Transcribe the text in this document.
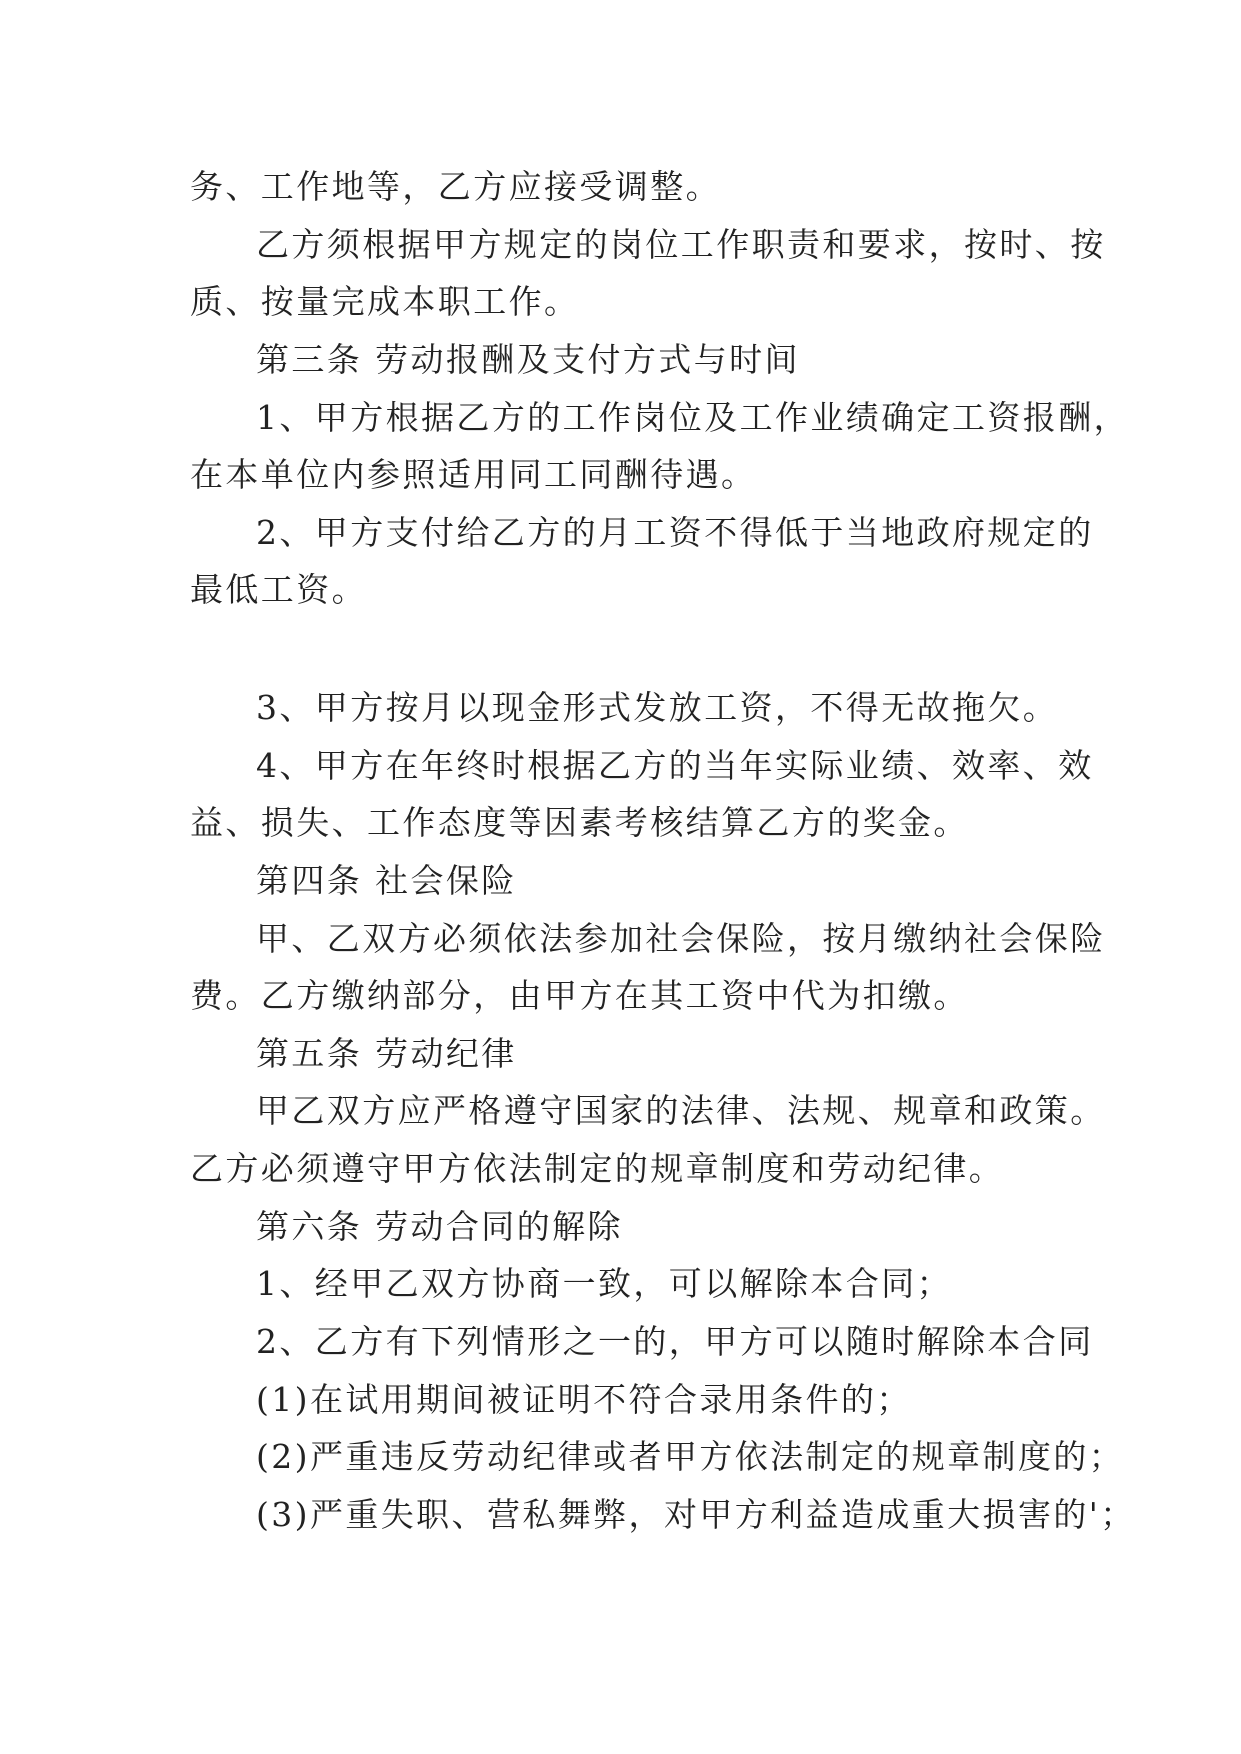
务、工作地等，乙方应接受调整。
乙方须根据甲方规定的岗位工作职责和要求，按时、按
质、按量完成本职工作。
第三条 劳动报酬及支付方式与时间
1、甲方根据乙方的工作岗位及工作业绩确定工资报酬，
在本单位内参照适用同工同酬待遇。
2、甲方支付给乙方的月工资不得低于当地政府规定的
最低工资。
3、甲方按月以现金形式发放工资，不得无故拖欠。
4、甲方在年终时根据乙方的当年实际业绩、效率、效
益、损失、工作态度等因素考核结算乙方的奖金。
第四条 社会保险
甲、乙双方必须依法参加社会保险，按月缴纳社会保险
费。乙方缴纳部分，由甲方在其工资中代为扣缴。
第五条 劳动纪律
甲乙双方应严格遵守国家的法律、法规、规章和政策。
乙方必须遵守甲方依法制定的规章制度和劳动纪律。
第六条 劳动合同的解除
1、经甲乙双方协商一致，可以解除本合同；
2、乙方有下列情形之一的，甲方可以随时解除本合同
(1)在试用期间被证明不符合录用条件的；
(2)严重违反劳动纪律或者甲方依法制定的规章制度的；
(3)严重失职、营私舞弊，对甲方利益造成重大损害的'；
